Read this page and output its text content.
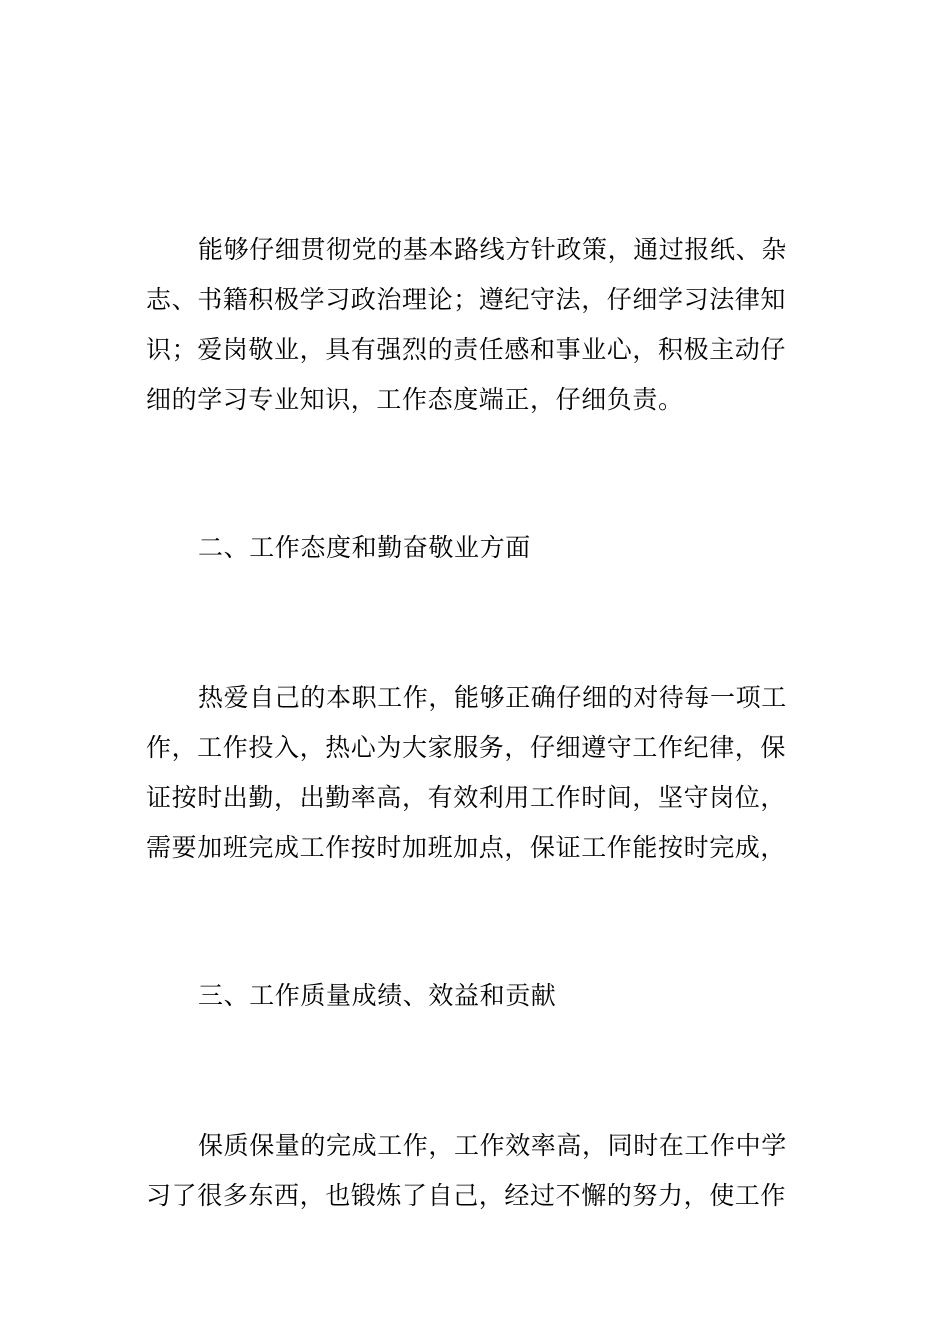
能够仔细贯彻党的基本路线方针政策，通过报纸、杂
志、书籍积极学习政治理论；遵纪守法，仔细学习法律知
识；爱岗敬业，具有强烈的责任感和事业心，积极主动仔
细的学习专业知识，工作态度端正，仔细负责。
二、工作态度和勤奋敬业方面
热爱自己的本职工作，能够正确仔细的对待每一项工
作，工作投入，热心为大家服务，仔细遵守工作纪律，保
证按时出勤，出勤率高，有效利用工作时间，坚守岗位，
需要加班完成工作按时加班加点，保证工作能按时完成，
三、工作质量成绩、效益和贡献
保质保量的完成工作，工作效率高，同时在工作中学
习了很多东西，也锻炼了自己，经过不懈的努力，使工作
